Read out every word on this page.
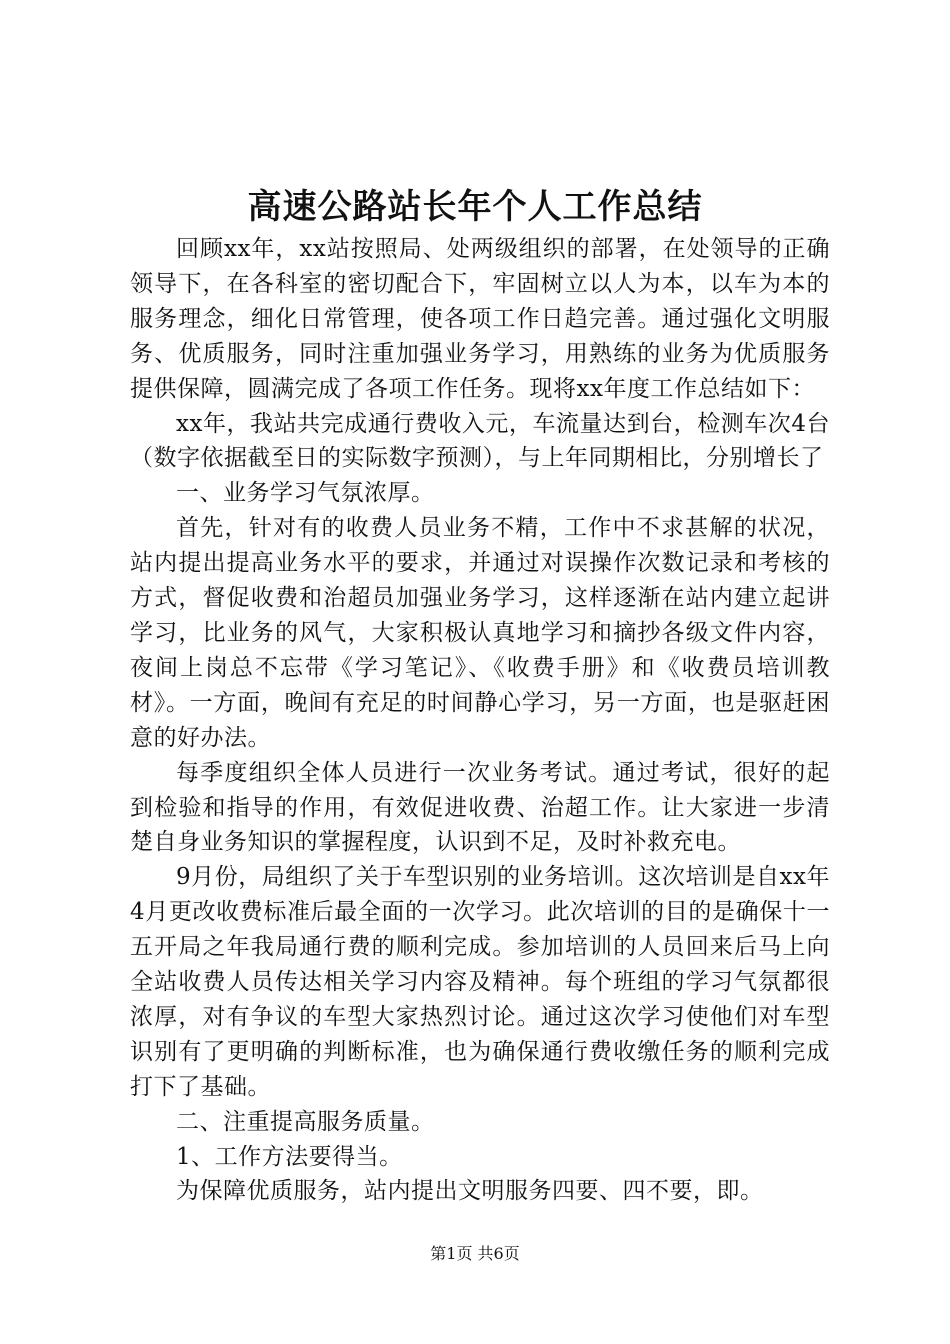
高速公路站长年个人工作总结

回顾xx年，xx站按照局、处两级组织的部署，在处领导的正确领导下，在各科室的密切配合下，牢固树立以人为本，以车为本的服务理念，细化日常管理，使各项工作日趋完善。通过强化文明服务、优质服务，同时注重加强业务学习，用熟练的业务为优质服务提供保障，圆满完成了各项工作任务。现将xx年度工作总结如下：

xx年，我站共完成通行费收入元，车流量达到台，检测车次4台（数字依据截至日的实际数字预测），与上年同期相比，分别增长了

一、业务学习气氛浓厚。

首先，针对有的收费人员业务不精，工作中不求甚解的状况，站内提出提高业务水平的要求，并通过对误操作次数记录和考核的方式，督促收费和治超员加强业务学习，这样逐渐在站内建立起讲学习，比业务的风气，大家积极认真地学习和摘抄各级文件内容，夜间上岗总不忘带《学习笔记》、《收费手册》和《收费员培训教材》。一方面，晚间有充足的时间静心学习，另一方面，也是驱赶困意的好办法。

每季度组织全体人员进行一次业务考试。通过考试，很好的起到检验和指导的作用，有效促进收费、治超工作。让大家进一步清楚自身业务知识的掌握程度，认识到不足，及时补救充电。

9月份，局组织了关于车型识别的业务培训。这次培训是自xx年4月更改收费标准后最全面的一次学习。此次培训的目的是确保十一五开局之年我局通行费的顺利完成。参加培训的人员回来后马上向全站收费人员传达相关学习内容及精神。每个班组的学习气氛都很浓厚，对有争议的车型大家热烈讨论。通过这次学习使他们对车型识别有了更明确的判断标准，也为确保通行费收缴任务的顺利完成打下了基础。

二、注重提高服务质量。

1、工作方法要得当。

为保障优质服务，站内提出文明服务四要、四不要，即。

第1页 共6页
